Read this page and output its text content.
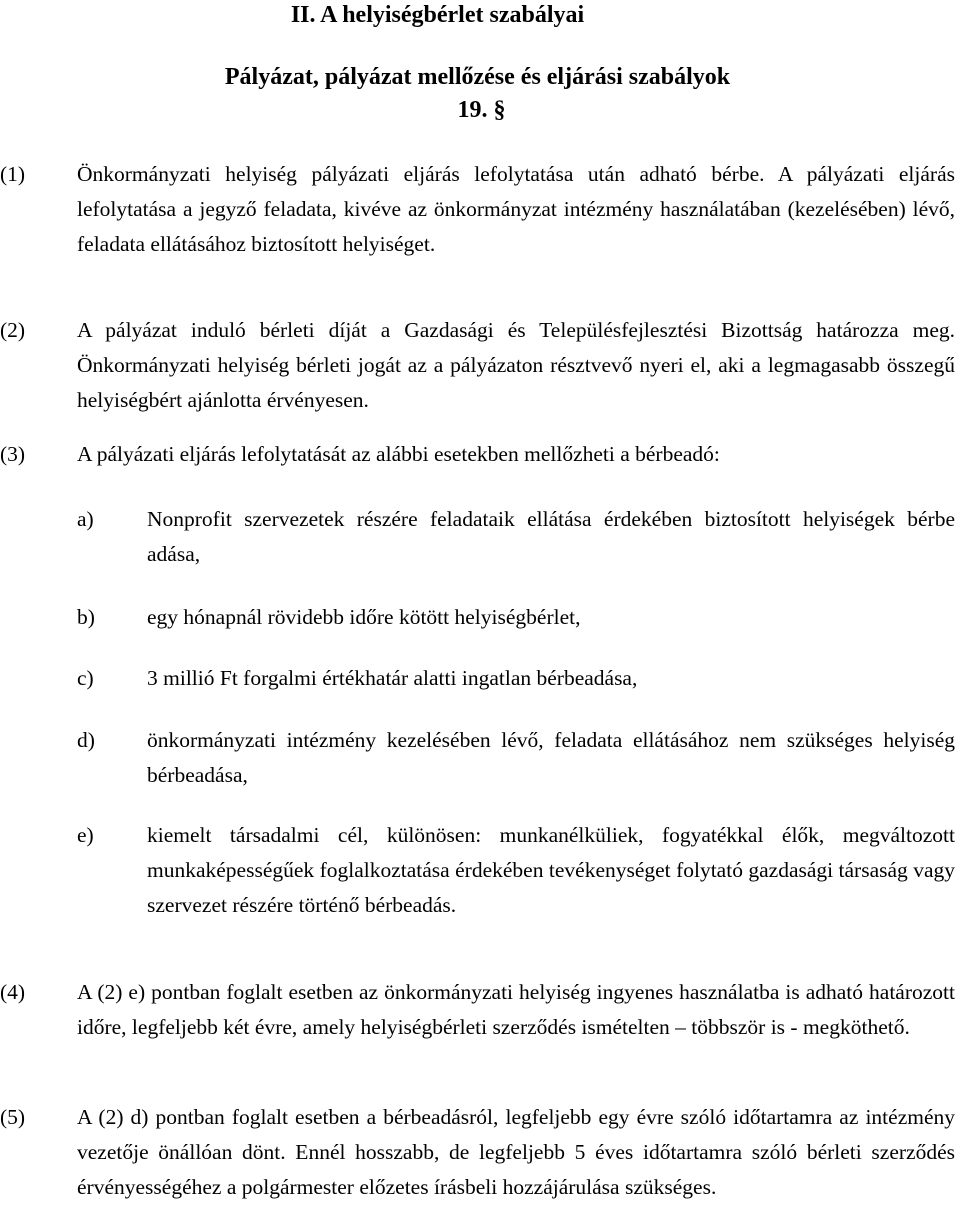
II. A helyiségbérlet szabályai
Pályázat, pályázat mellőzése és eljárási szabályok
19. §
(1)	Önkormányzati helyiség pályázati eljárás lefolytatása után adható bérbe. A pályázati eljárás lefolytatása a jegyző feladata, kivéve az önkormányzat intézmény használatában (kezelésében) lévő, feladata ellátásához biztosított helyiséget.
(2)	A pályázat induló bérleti díját a Gazdasági és Településfejlesztési Bizottság határozza meg. Önkormányzati helyiség bérleti jogát az a pályázaton résztvevő nyeri el, aki a legmagasabb összegű helyiségbért ajánlotta érvényesen.
(3)	A pályázati eljárás lefolytatását az alábbi esetekben mellőzheti a bérbeadó:
a)	Nonprofit szervezetek részére feladataik ellátása érdekében biztosított helyiségek bérbe adása,
b)	egy hónapnál rövidebb időre kötött helyiségbérlet,
c)	3 millió Ft forgalmi értékhatár alatti ingatlan bérbeadása,
d)	önkormányzati intézmény kezelésében lévő, feladata ellátásához nem szükséges helyiség bérbeadása,
e)	kiemelt társadalmi cél, különösen: munkanélküliek, fogyatékkal élők, megváltozott munkaképességűek foglalkoztatása érdekében tevékenységet folytató gazdasági társaság vagy szervezet részére történő bérbeadás.
(4)	A (2) e) pontban foglalt esetben az önkormányzati helyiség ingyenes használatba is adható határozott időre, legfeljebb két évre, amely helyiségbérleti szerződés ismételten – többször is - megköthető.
(5)	A (2) d) pontban foglalt esetben a bérbeadásról, legfeljebb egy évre szóló időtartamra az intézmény vezetője önállóan dönt. Ennél hosszabb, de legfeljebb 5 éves időtartamra szóló bérleti szerződés érvényességéhez a polgármester előzetes írásbeli hozzájárulása szükséges.
